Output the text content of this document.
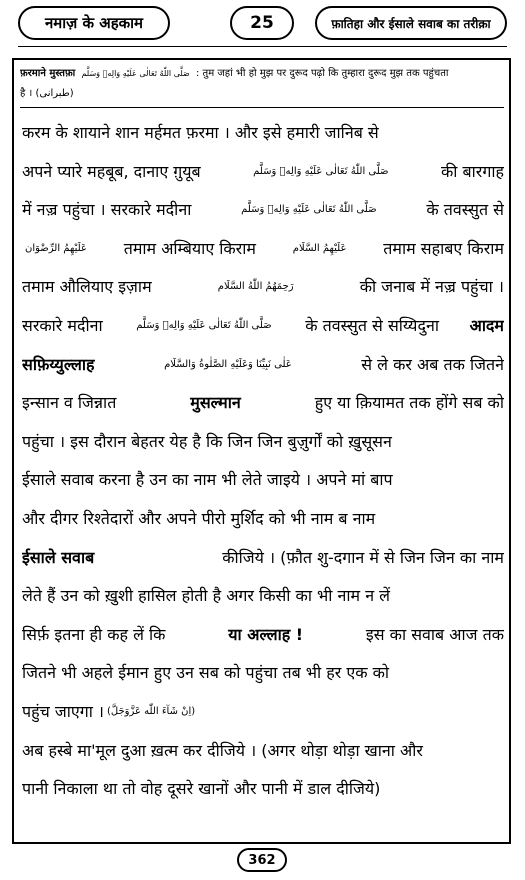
नमाज़ के अहकाम	25	फ़ातिहा और ईसाले सवाब का तरीक़ा
फ़रमाने मुस्तफ़ा صَلَّى اللّٰهُ تَعَالٰى عَلَيْهِ وَالِهٖ وَسَلَّم : तुम जहां भी हो मुझ पर दुरूद पढ़ो कि तुम्हारा दुरूद मुझ तक पहुंचता
है । (طبرانی)
करम के शायाने शान मर्हमत फ़रमा । और इसे हमारी जानिब से
अपने प्यारे महबूब, दानाए ग़ुयूब	صَلَّى اللّٰهُ تَعَالٰى عَلَيْهِ وَالِهٖ وَسَلَّم	की बारगाह
में नज़्र पहुंचा । सरकारे मदीना	صَلَّى اللّٰهُ تَعَالٰى عَلَيْهِ وَالِهٖ وَسَلَّم	के तवस्सुत से
عَلَيْهِمُ الرِّضْوَان तमाम अम्बियाए किराम	عَلَيْهِمُ السَّلَام तमाम सहाबए किराम
तमाम औलियाए इज़ाम	رَحِمَهُمُ اللّٰهُ السَّلَام	की जनाब में नज़्र पहुंचा ।
सरकारे मदीना	صَلَّى اللّٰهُ تَعَالٰى عَلَيْهِ وَالِهٖ وَسَلَّم के तवस्सुत से सय्यिदुना आदम
सफ़िय्युल्लाह	عَلٰى نَبِيِّنَا وَعَلَيْهِ الصَّلٰوةُ وَالسَّلَام	से ले कर अब तक जितने
इन्सान व जिन्नात	मुसल्मान	हुए या क़ियामत तक होंगे सब को
पहुंचा । इस दौरान बेहतर येह है कि जिन जिन बुज़ुर्गों को ख़ुसूसन
ईसाले सवाब करना है उन का नाम भी लेते जाइये । अपने मां बाप
और दीगर रिश्तेदारों और अपने पीरो मुर्शिद को भी नाम ब नाम
ईसाले सवाब	कीजिये । (फ़ौत शु-दगान में से जिन जिन का नाम
लेते हैं उन को ख़ुशी हासिल होती है अगर किसी का भी नाम न लें
सिर्फ़ इतना ही कह लें कि	या अल्लाह !	इस का सवाब आज तक
जितने भी अहले ईमान हुए उन सब को पहुंचा तब भी हर एक को
पहुंच जाएगा । (اِنْ شَآءَ اللّٰه عَزَّوَجَلَّ)
अब हस्बे मा'मूल दुआ ख़त्म कर दीजिये । (अगर थोड़ा थोड़ा खाना और
पानी निकाला था तो वोह दूसरे खानों और पानी में डाल दीजिये)
362
